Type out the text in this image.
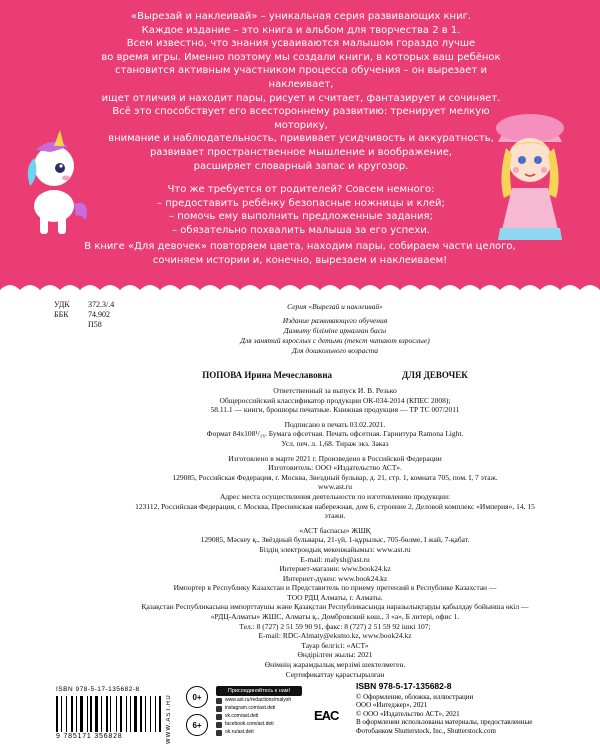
«Вырезай и наклеивай» – уникальная серия развивающих книг.

Каждое издание – это книга и альбом для творчества 2 в 1.

Всем известно, что знания усваиваются малышом гораздо лучше

во время игры. Именно поэтому мы создали книги, в которых ваш ребёнок

становится активным участником процесса обучения – он вырезает и наклеивает,

ищет отличия и находит пары, рисует и считает, фантазирует и сочиняет.

Всё это способствует его всестороннему развитию: тренирует мелкую моторику,

внимание и наблюдательность, прививает усидчивость и аккуратность,

развивает пространственное мышление и воображение,

расширяет словарный запас и кругозор.

Что же требуется от родителей? Совсем немного:

– предоставить ребёнку безопасные ножницы и клей;

– помочь ему выполнить предложенные задания;

– обязательно похвалить малыша за его успехи.

В книге «Для девочек» повторяем цвета, находим пары, собираем части целого,

сочиняем истории и, конечно, вырезаем и наклеиваем!

УДК 372.3/.4
ББК 74.902
П58
Серия «Вырезай и наклеивай»
Издание развивающего обучения
Дамыту бiлiмiне арналған басы
Для занятий взрослых с детьми (текст читают взрослые)
Для дошкольного возраста
ПОПОВА Ирина Мечеславовна	ДЛЯ ДЕВОЧЕК
Ответственный за выпуск И. В. Резько
Общероссийский классификатор продукции ОК-034-2014 (КПЕС 2008);
58.11.1 — книги, брошюры печатные. Книжная продукция — ТР ТС 007/2011
Подписано в печать 03.02.2021.
Формат 84x108¹/₁₆. Бумага офсетная. Печать офсетная. Гарнитура Ramona Light.
Усл. печ. л. 1,68. Тираж экз. Заказ
Изготовлено в марте 2021 г. Произведено в Российской Федерации
Изготовитель: ООО «Издательство АСТ».
129085, Российская Федерация, г. Москва, Звездный бульвар, д. 21, стр. 1, комната 705, пом. I, 7 этаж.
www.ast.ru
Адрес места осуществления деятельности по изготовлению продукции:
123112, Российская Федерация, г. Москва, Пресненская набережная, дом 6, строение 2, Деловой комплекс «Империя», 14, 15 этажи.
«АСТ баспасы» ЖШҚ
129085, Мәскеу қ., Звёздный бульвары, 21-үй, 1-құрылыс, 705-бөлме, I жай, 7-қабат.
Біздің электрондық мекенжайымыз: www.ast.ru
E-mail: malysh@ast.ru
Интернет-магазин: www.book24.kz
Интернет-дүкен: www.book24.kz
Импортер в Республику Казахстан и Представитель по приему претензий в Республике Казахстан —
ТОО РДЦ Алматы, г. Алматы.
Қазақстан Республикасына импорттаушы және Қазақстан Республикасында наразылықтарды қабылдау бойынша өкіл —
«РДЦ-Алматы» ЖШС, Алматы қ., Домбровский көш., 3 «а», Б литері, офис 1.
Тел.: 8 (727) 2 51 59 90 91, факс: 8 (727) 2 51 59 92 ішкі 107;
E-mail: RDC-Almaty@eksmo.kz, www.book24.kz
Тауар белгісі: «АСТ»
Өндірілген жылы: 2021
Өнімнің жарамдылық мерзімі шектелмеген.
Сертификаттау қарастырылған
ISBN 978-5-17-135682-8
9 785171 356828	WWW.AST.RU	0+
6+
Присоединяйтесь к нам!
www.ast.ru/redactions/malysh
instagram.com/ast.deti
vk.com/ast.deti
facebook.com/ast.deti
ok.ru/ast.deti
EAC
ISBN 978-5-17-135682-8
© Оформление, обложка, иллюстрации
ООО «Интеджер», 2021
© ООО «Издательство АСТ», 2021
В оформлении использованы материалы, предоставленные
Фотобанком Shutterstock, Inc., Shutterstock.com
